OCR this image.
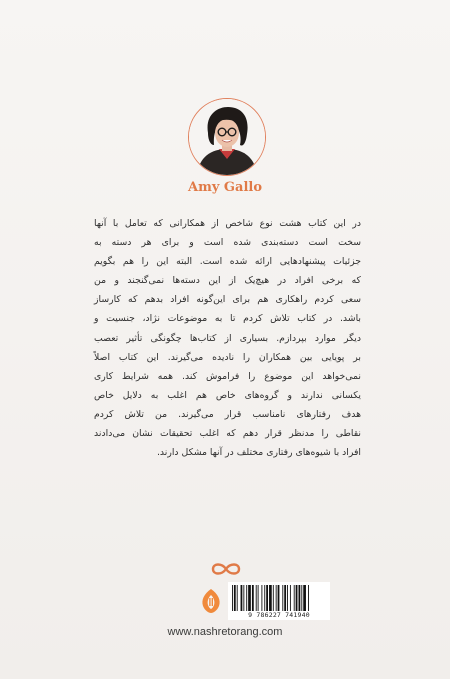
Amy Gallo
در این کتاب هشت نوع شاخص از همکارانی که تعامل با آنها
سخت است دسته‌بندی شده است و برای هر دسته به
جزئیات پیشنهادهایی ارائه شده است. البته این را هم بگویم
که برخی افراد در هیچ‌یک از این دسته‌ها نمی‌گنجند و من
سعی کردم راهکاری هم برای این‌گونه افراد بدهم که کارساز
باشد. در کتاب تلاش کردم تا به موضوعات نژاد، جنسیت و
دیگر موارد بپردازم. بسیاری از کتاب‌ها چگونگی تأثیر تعصب
بر پویایی بین همکاران را نادیده می‌گیرند. این کتاب اصلاً
نمی‌خواهد این موضوع را فراموش کند. همه شرایط کاری
یکسانی ندارند و گروه‌های خاص هم اغلب به دلایل خاص
هدف رفتارهای نامناسب قرار می‌گیرند. من تلاش کردم
نقاطی را مدنظر قرار دهم که اغلب تحقیقات نشان می‌دادند
افراد با شیوه‌های رفتاری مختلف در آنها مشکل دارند.
9 786227 741940
www.nashretorang.com
